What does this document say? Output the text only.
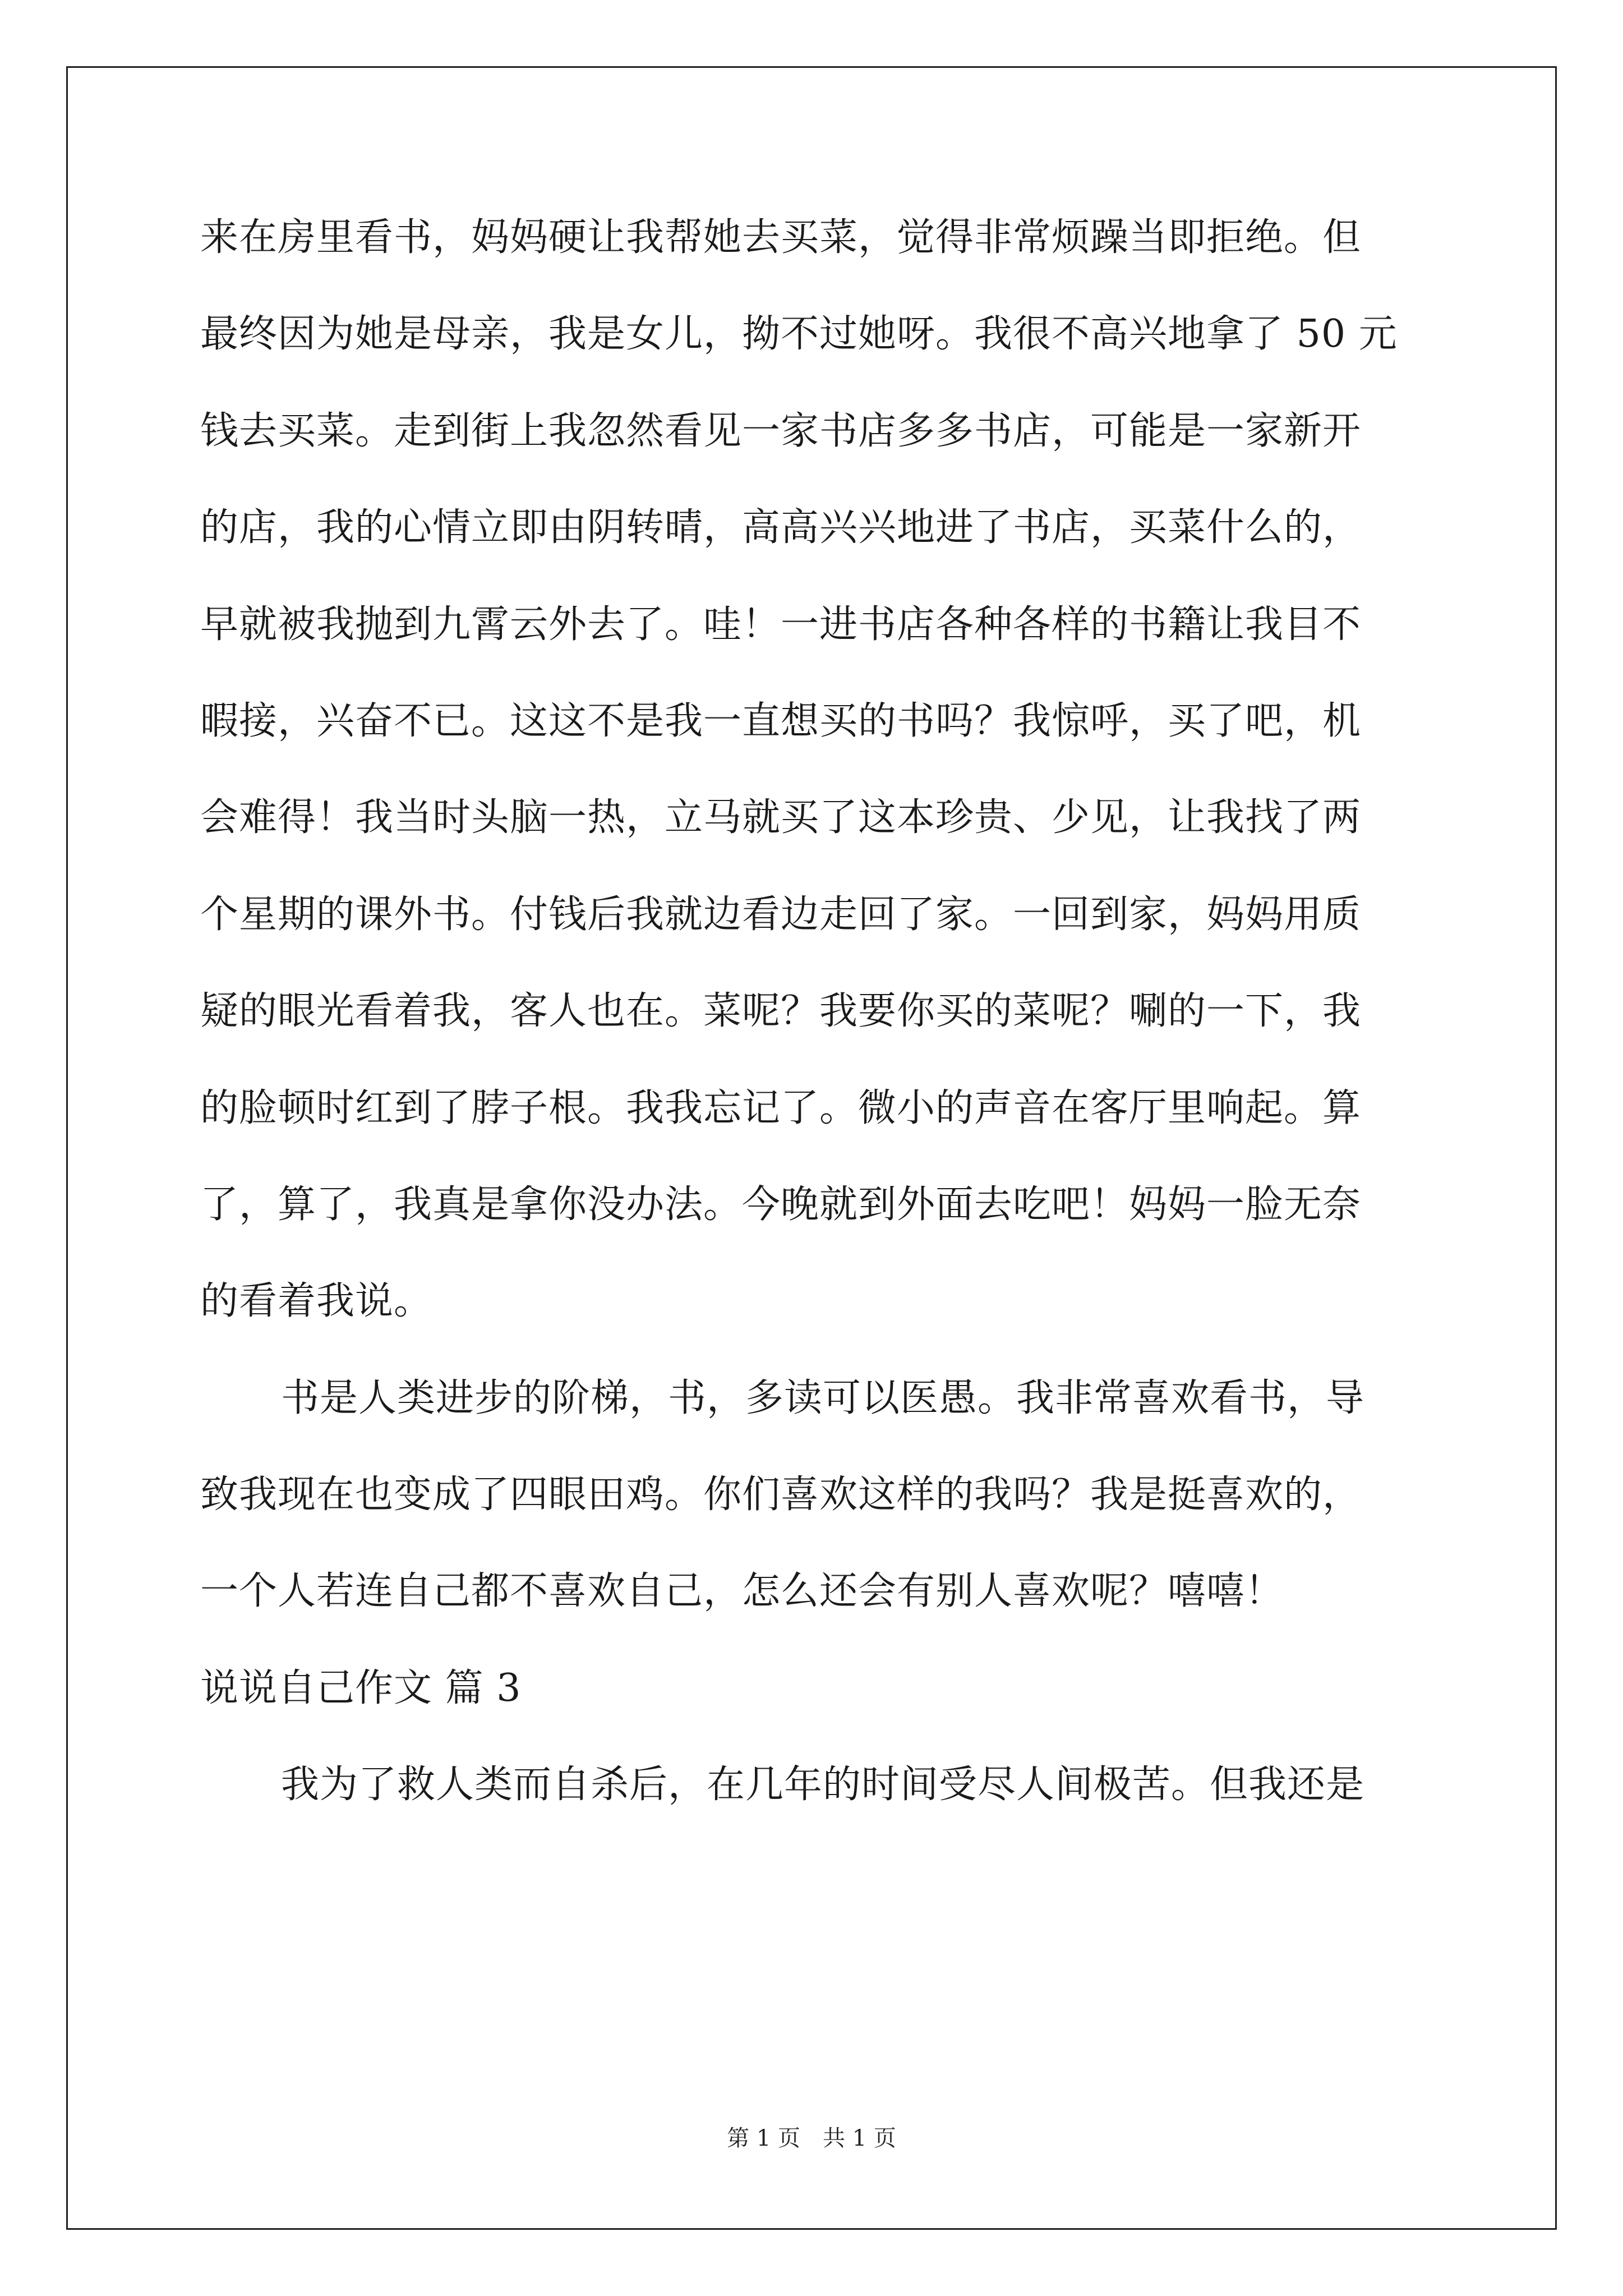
来在房里看书，妈妈硬让我帮她去买菜，觉得非常烦躁当即拒绝。但
最终因为她是母亲，我是女儿，拗不过她呀。我很不高兴地拿了 50 元
钱去买菜。走到街上我忽然看见一家书店多多书店，可能是一家新开
的店，我的心情立即由阴转晴，高高兴兴地进了书店，买菜什么的，
早就被我抛到九霄云外去了。哇！一进书店各种各样的书籍让我目不
暇接，兴奋不已。这这不是我一直想买的书吗？我惊呼，买了吧，机
会难得！我当时头脑一热，立马就买了这本珍贵、少见，让我找了两
个星期的课外书。付钱后我就边看边走回了家。一回到家，妈妈用质
疑的眼光看着我，客人也在。菜呢？我要你买的菜呢？唰的一下，我
的脸顿时红到了脖子根。我我忘记了。微小的声音在客厅里响起。算
了，算了，我真是拿你没办法。今晚就到外面去吃吧！妈妈一脸无奈
的看着我说。
书是人类进步的阶梯，书，多读可以医愚。我非常喜欢看书，导
致我现在也变成了四眼田鸡。你们喜欢这样的我吗？我是挺喜欢的，
一个人若连自己都不喜欢自己，怎么还会有别人喜欢呢？嘻嘻！
说说自己作文 篇 3
我为了救人类而自杀后，在几年的时间受尽人间极苦。但我还是
第 1 页 共 1 页
